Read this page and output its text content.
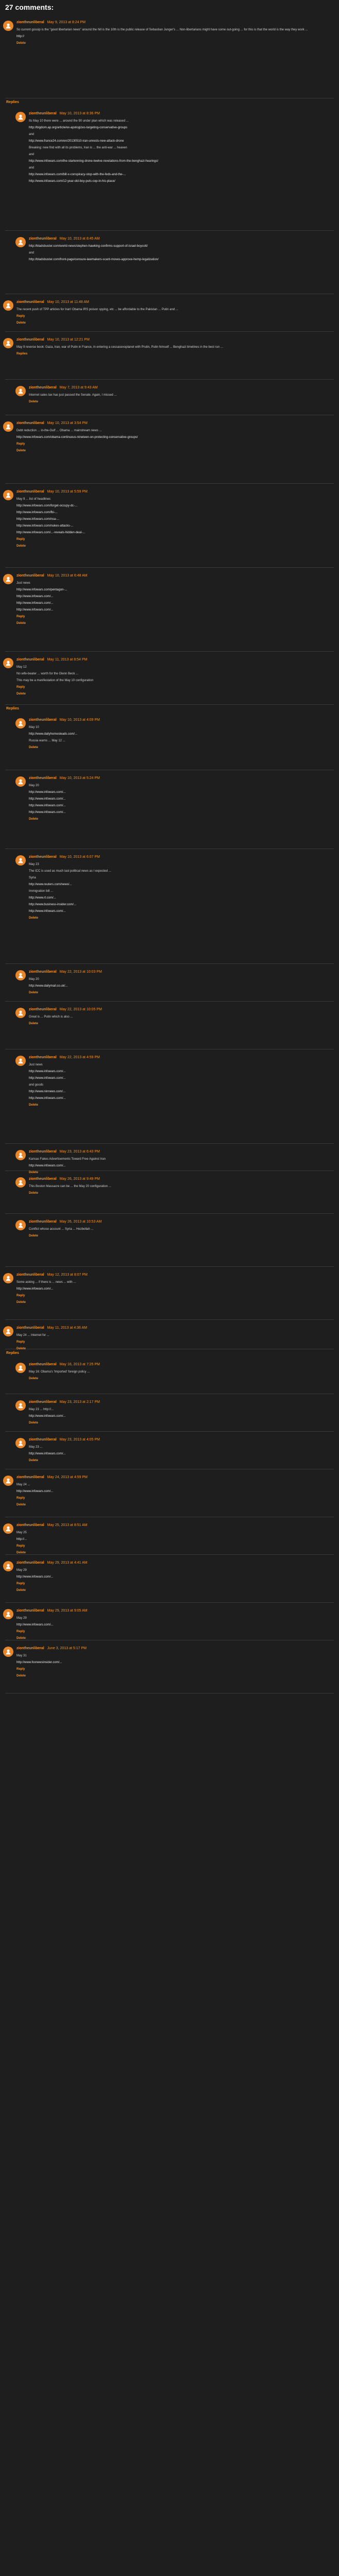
27 comments:
ziontheunliberal May 9, 2013 at 8:24 PM

So current gossip is the "good libertarian news" around the hill is the 10th is the public release of Sebastian Junger's ... Non-libertarians might have some out-going ... for this is that the world is the way they work ...

http://

Delete

Replies
ziontheunliberal May 10, 2013 at 8:36 PM

Its May 10 there were ... around the 90 under plan which was released ...

http://bigdom.ap.org/article/ex-apologizes-targeting-conservative-groups

and

http://www.france24.com/en/20130510-iran-unrests-new-attack-drone

Breaking: new find with all its problems, Iran is ... the anti-war ... heaven

and

http://www.infowars.com/the-startenning-drone-twelve-revelations-from-the-benghazi-hearings/

and

http://www.infowars.com/bill-x-conspiracy-stop-with-the-feds-and-the-...

http://www.infowars.com/12-year-old-boy-puts-cop-in-his-place/

ziontheunliberal May 10, 2013 at 8:45 AM

http://bladsbuster.com/world-news/stephen-hawking-confirms-support-of-israel-boycott/

and

http://bladsbuster.com/front-page/censure-lawmakers-scant-moves-approve-hemp-legalization/

ziontheunliberal May 10, 2013 at 11:48 AM

The recent push of TPP articles for Iran! Obama IRS poison spying, etc ... be affordable to the Pakistan ... Putin and ...

Reply

Delete

ziontheunliberal May 10, 2013 at 12:21 PM

May 9 reverse book: Gaza, Iran, war of Putin in France, in entering a cessasexoplanet with Prutin, Putin himself ... Benghazi timelines in the best run ...

Replies

ziontheunliberal May 7, 2013 at 9:43 AM

Internet sales tax has just passed the Senate. Again, I missed ...

Delete

ziontheunliberal May 10, 2013 at 3:54 PM

Debt reduction ... in-the-Gulf ... Obama ... mainstream news ...

http://www.infowars.com/obama-continuous-nineteen-on-protecting-conservative-groups/

Reply

Delete

ziontheunliberal May 10, 2013 at 5:59 PM

May 9 ... list of headlines

http://www.infowars.com/forget-occupy-dc-...

http://www.infowars.com/fbi-...

http://www.infowars.com/nsa-...

http://www.infowars.com/nukes-attacks-...

http://www.infowars.com/...-reveals-hidden-deal-...

Reply

Delete

ziontheunliberal May 10, 2013 at 6:48 AM

Just news

http://www.infowars.com/pentagon-...

http://www.infowars.com/...

http://www.infowars.com/...

http://www.infowars.com/...

Reply

Delete

ziontheunliberal May 11, 2013 at 8:54 PM

May 12

No wife-beater ... worth for the Glenn Beck ...

This may be a manifestation of the May 10 configuration

Reply

Delete

Replies
ziontheunliberal May 10, 2013 at 4:09 PM

May 10

http://www.dailyhomesteads.com/...

Russia warns ... May 12 ...

Delete

ziontheunliberal May 10, 2013 at 5:24 PM

May 20

http://www.infowars.com/...

http://www.infowars.com/...

http://www.infowars.com/...

http://www.infowars.com/...

Delete

ziontheunliberal May 10, 2013 at 6:07 PM

May 23

The ICC is used as much last political news as I expected ...

Syria

http://www.reuters.com/news/...

Immigration bill ...

http://www.rt.com/...

http://www.business-insider.com/...

http://www.infowars.com/...

Delete

ziontheunliberal May 22, 2013 at 10:03 PM

May 20

http://www.dailymail.co.uk/...

Delete

ziontheunliberal May 22, 2013 at 10:05 PM

Great is ... Putin which is also ...

Delete

ziontheunliberal May 22, 2013 at 4:59 PM

Just news

http://www.infowars.com/...

http://www.infowars.com/...

and goods

http://www.ninnews.com/...

http://www.infowars.com/...

Delete

ziontheunliberal May 23, 2013 at 6:43 PM

Kansas Fakes Advertisements Toward Free Against Iran

http://www.infowars.com/...

Delete

ziontheunliberal May 26, 2013 at 9:49 PM

This Boston Massacre can be ... the May 20 configuration ...

Delete

ziontheunliberal May 26, 2013 at 10:53 AM

Conflict whose account ... Syria ... Hezbollah ...

Delete

ziontheunliberal May 12, 2013 at 8:07 PM

Some asking ... if there is ... news ... with ...

http://www.infowars.com/...

Reply

Delete

ziontheunliberal May 11, 2013 at 4:36 AM

May 24 ... Internet for ...

Reply

Delete

Replies
ziontheunliberal May 16, 2013 at 7:25 PM

May 16: Obama's 'Imported' foreign policy ...

Delete

ziontheunliberal May 23, 2013 at 2:17 PM

May 23 ... http://...

http://www.infowars.com/...

Delete

ziontheunliberal May 23, 2013 at 4:05 PM

May 23 ...

http://www.infowars.com/...

Delete

ziontheunliberal May 24, 2013 at 4:59 PM

May 24 ...

http://www.infowars.com/...

Reply

Delete

ziontheunliberal May 25, 2013 at 8:51 AM

May 25

http://...

Reply

Delete

ziontheunliberal May 29, 2013 at 4:41 AM

May 29

http://www.infowars.com/...

Reply

Delete

ziontheunliberal May 29, 2013 at 9:05 AM

May 29

http://www.infowars.com/...

Reply

Delete

ziontheunliberal June 3, 2013 at 5:17 PM

May 31

http://www.foxnewsinsider.com/...

Reply

Delete
